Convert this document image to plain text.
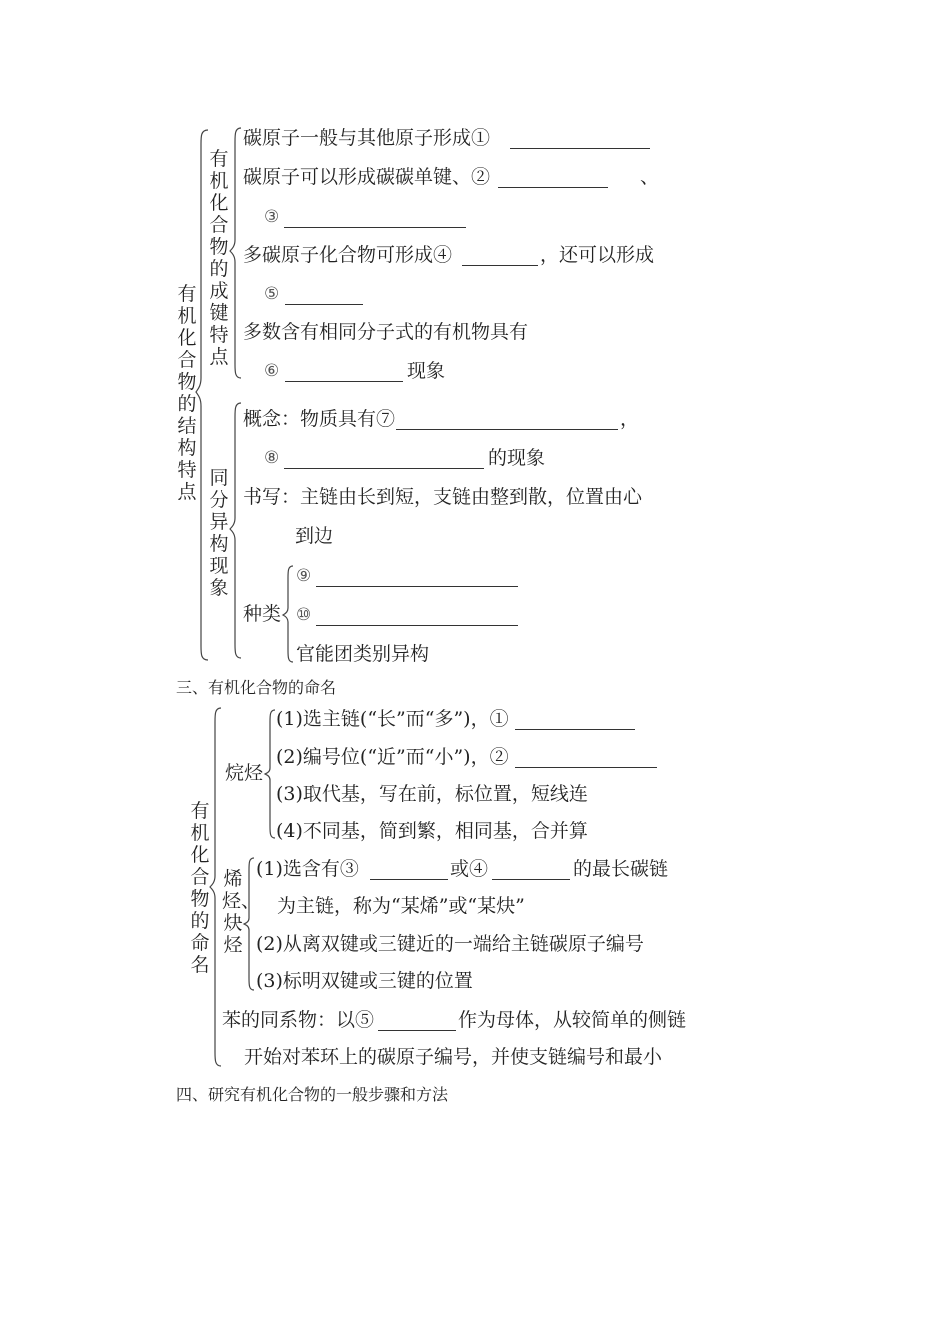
有机化合物的结构特点
有机化合物的成键特点
碳原子一般与其他原子形成①
碳原子可以形成碳碳单键、②	、
③
多碳原子化合物可形成④	，还可以形成
⑤
多数含有相同分子式的有机物具有
⑥	现象
同分异构现象
概念：物质具有⑦	，
⑧	的现象
书写：主链由长到短，支链由整到散，位置由心
到边
种类
⑨
⑩
官能团类别异构
三、有机化合物的命名
有机化合物的命名
烷烃
(1)选主链(“长”而“多”)，①
(2)编号位(“近”而“小”)，②
(3)取代基，写在前，标位置，短线连
(4)不同基，简到繁，相同基，合并算
烯烃、炔烃
(1)选含有③	或④	的最长碳链
为主链，称为“某烯”或“某炔”
(2)从离双键或三键近的一端给主链碳原子编号
(3)标明双键或三键的位置
苯的同系物：以⑤	作为母体，从较简单的侧链
开始对苯环上的碳原子编号，并使支链编号和最小
四、研究有机化合物的一般步骤和方法
